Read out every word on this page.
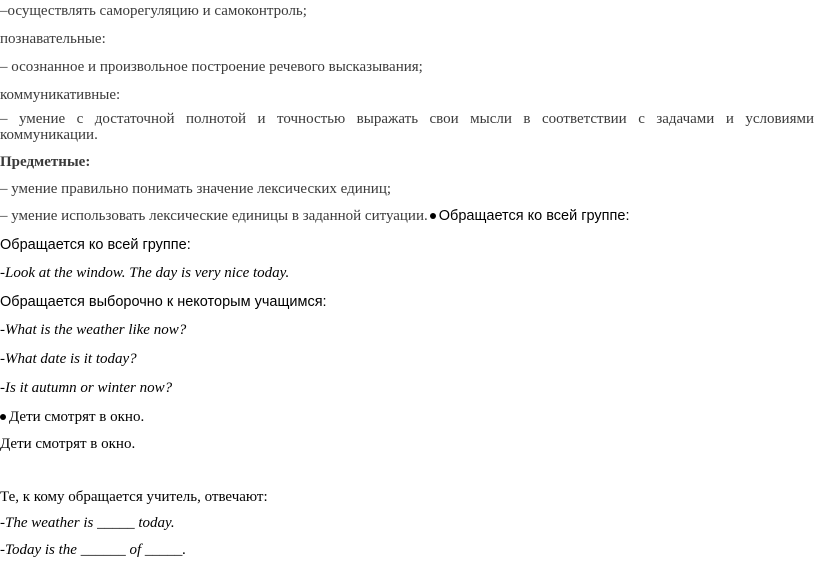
–осуществлять саморегуляцию и самоконтроль;
познавательные:
– осознанное и произвольное построение речевого высказывания;
коммуникативные:
– умение с достаточной полнотой и точностью выражать свои мысли в соответствии с задачами и условиями
коммуникации.
Предметные:
– умение правильно понимать значение лексических единиц;
– умение использовать лексические единицы в заданной ситуации. Обращается ко всей группе:
Обращается ко всей группе:
-Look at the window. The day is very nice today.
Обращается выборочно к некоторым учащимся:
-What is the weather like now?
-What date is it today?
-Is it autumn or winter now?
Дети смотрят в окно.
Дети смотрят в окно.
Те, к кому обращается учитель, отвечают:
-The weather is _____ today.
-Today is the ______ of _____.
